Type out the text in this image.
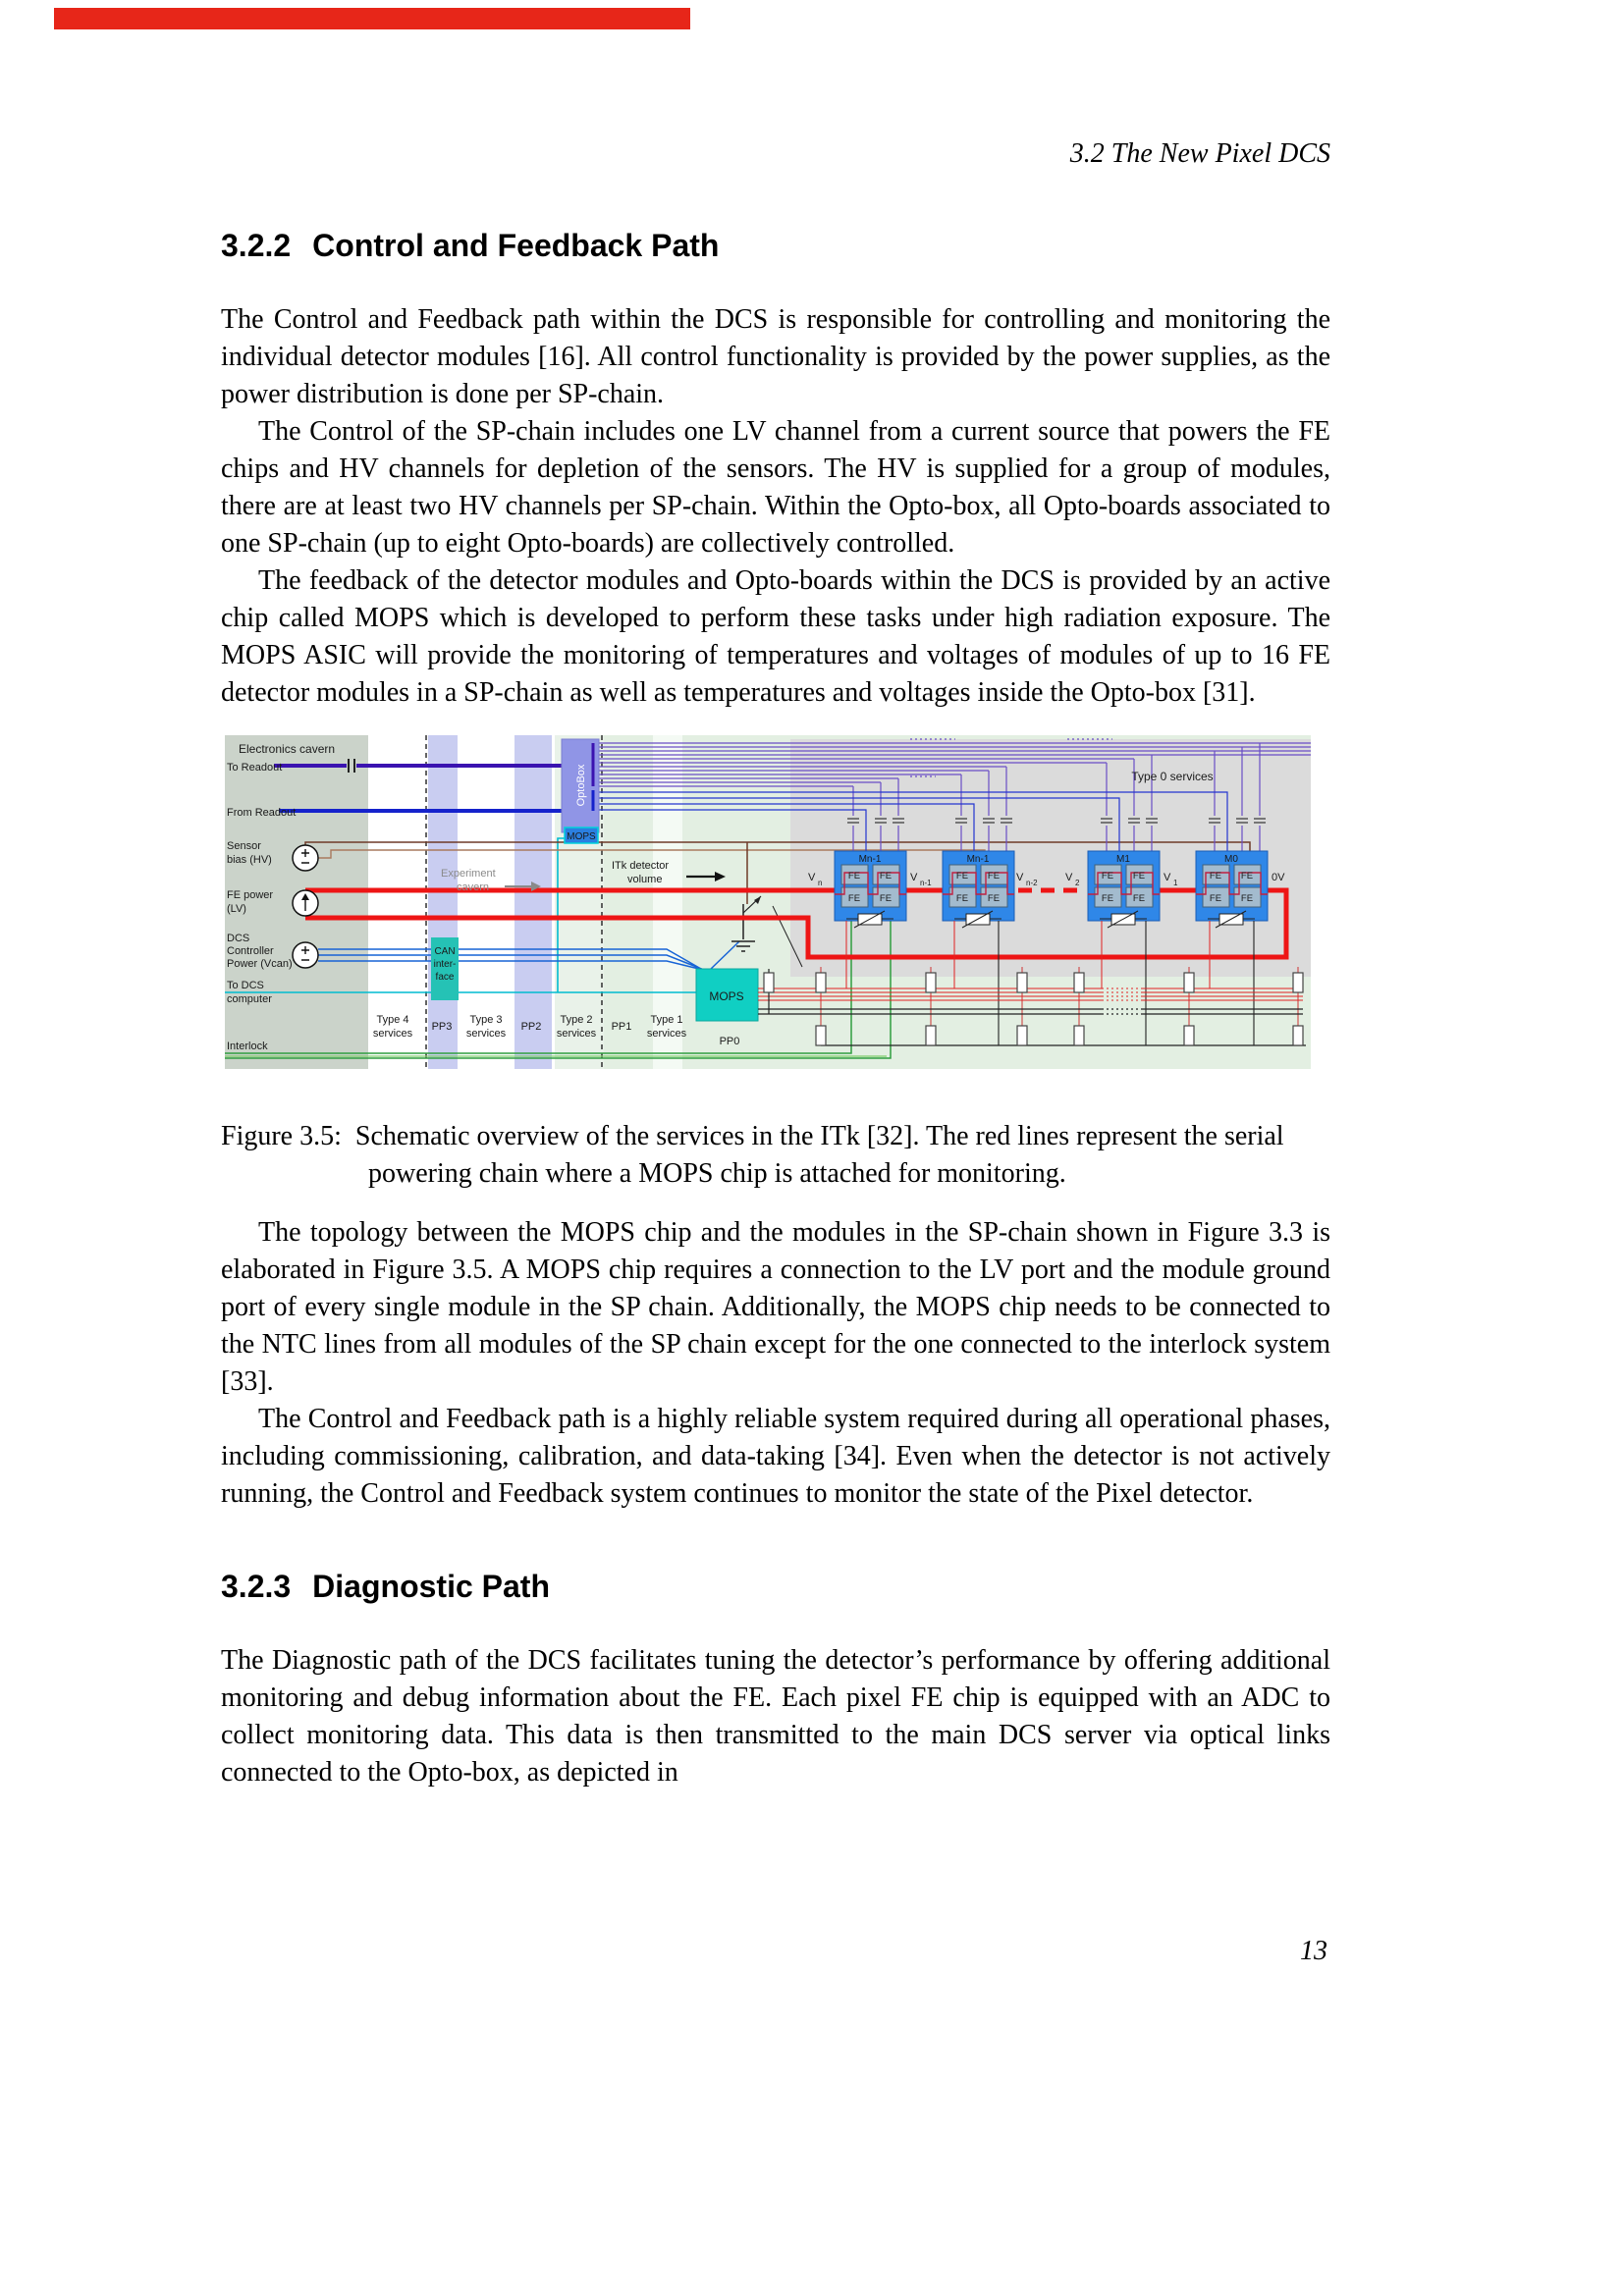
3.2 The New Pixel DCS

3.2.2 Control and Feedback Path

The Control and Feedback path within the DCS is responsible for controlling and monitoring the individual detector modules [16]. All control functionality is provided by the power supplies, as the power distribution is done per SP-chain.

The Control of the SP-chain includes one LV channel from a current source that powers the FE chips and HV channels for depletion of the sensors. The HV is supplied for a group of modules, there are at least two HV channels per SP-chain. Within the Opto-box, all Opto-boards associated to one SP-chain (up to eight Opto-boards) are collectively controlled.

The feedback of the detector modules and Opto-boards within the DCS is provided by an active chip called MOPS which is developed to perform these tasks under high radiation exposure. The MOPS ASIC will provide the monitoring of temperatures and voltages of modules of up to 16 FE detector modules in a SP-chain as well as temperatures and voltages inside the Opto-box [31].

Electronics cavern
To Readout
From Readout
Sensor
bias (HV)
FE power
(LV)
DCS
Controller
Power (Vcan)
To DCS
computer
Interlock
Experiment
cavern
ITk detector
volume
OptoBox
MOPS
CAN
inter-
face
MOPS
PP0
Type 0 services
Type 4
services
PP3
Type 3
services
PP2
Type 2
services
PP1
Type 1
services
Mn-1	Mn-1	M1	M0
FE FE
FE FE
FE FE
FE FE
FE FE
FE FE
FE FE
FE FE
V n	V n-1	V n-2	V 2	V 1	0V

Figure 3.5: Schematic overview of the services in the ITk [32]. The red lines represent the serial powering chain where a MOPS chip is attached for monitoring.

The topology between the MOPS chip and the modules in the SP-chain shown in Figure 3.3 is elaborated in Figure 3.5. A MOPS chip requires a connection to the LV port and the module ground port of every single module in the SP chain. Additionally, the MOPS chip needs to be connected to the NTC lines from all modules of the SP chain except for the one connected to the interlock system [33].

The Control and Feedback path is a highly reliable system required during all operational phases, including commissioning, calibration, and data-taking [34]. Even when the detector is not actively running, the Control and Feedback system continues to monitor the state of the Pixel detector.

3.2.3 Diagnostic Path

The Diagnostic path of the DCS facilitates tuning the detector’s performance by offering additional monitoring and debug information about the FE. Each pixel FE chip is equipped with an ADC to collect monitoring data. This data is then transmitted to the main DCS server via optical links connected to the Opto-box, as depicted in

13
